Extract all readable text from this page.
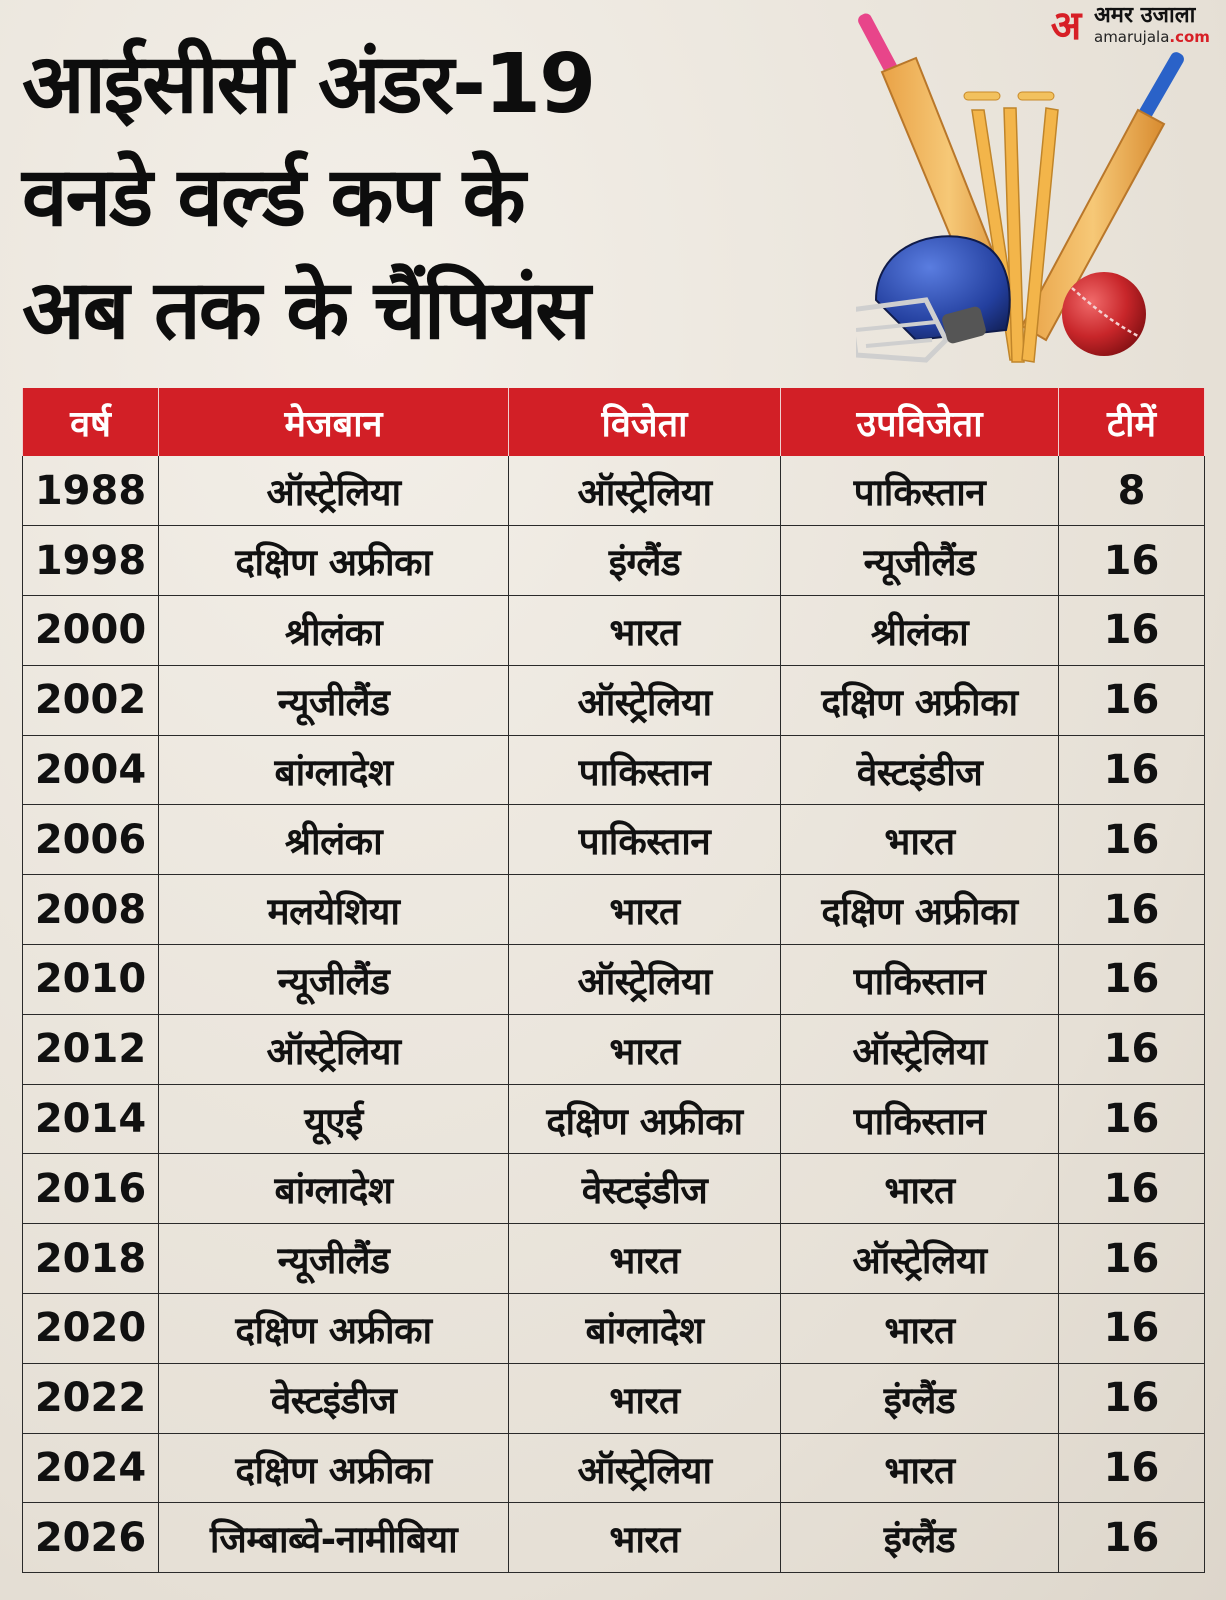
आईसीसी अंडर-19
वनडे वर्ल्ड कप के
अब तक के चैंपियंस
अ अमर उजाला
amarujala.com
वर्ष	मेजबान	विजेता	उपविजेता	टीमें
1988	ऑस्ट्रेलिया	ऑस्ट्रेलिया	पाकिस्तान	8
1998	दक्षिण अफ्रीका	इंग्लैंड	न्यूजीलैंड	16
2000	श्रीलंका	भारत	श्रीलंका	16
2002	न्यूजीलैंड	ऑस्ट्रेलिया	दक्षिण अफ्रीका	16
2004	बांग्लादेश	पाकिस्तान	वेस्टइंडीज	16
2006	श्रीलंका	पाकिस्तान	भारत	16
2008	मलयेशिया	भारत	दक्षिण अफ्रीका	16
2010	न्यूजीलैंड	ऑस्ट्रेलिया	पाकिस्तान	16
2012	ऑस्ट्रेलिया	भारत	ऑस्ट्रेलिया	16
2014	यूएई	दक्षिण अफ्रीका	पाकिस्तान	16
2016	बांग्लादेश	वेस्टइंडीज	भारत	16
2018	न्यूजीलैंड	भारत	ऑस्ट्रेलिया	16
2020	दक्षिण अफ्रीका	बांग्लादेश	भारत	16
2022	वेस्टइंडीज	भारत	इंग्लैंड	16
2024	दक्षिण अफ्रीका	ऑस्ट्रेलिया	भारत	16
2026	जिम्बाब्वे-नामीबिया	भारत	इंग्लैंड	16
